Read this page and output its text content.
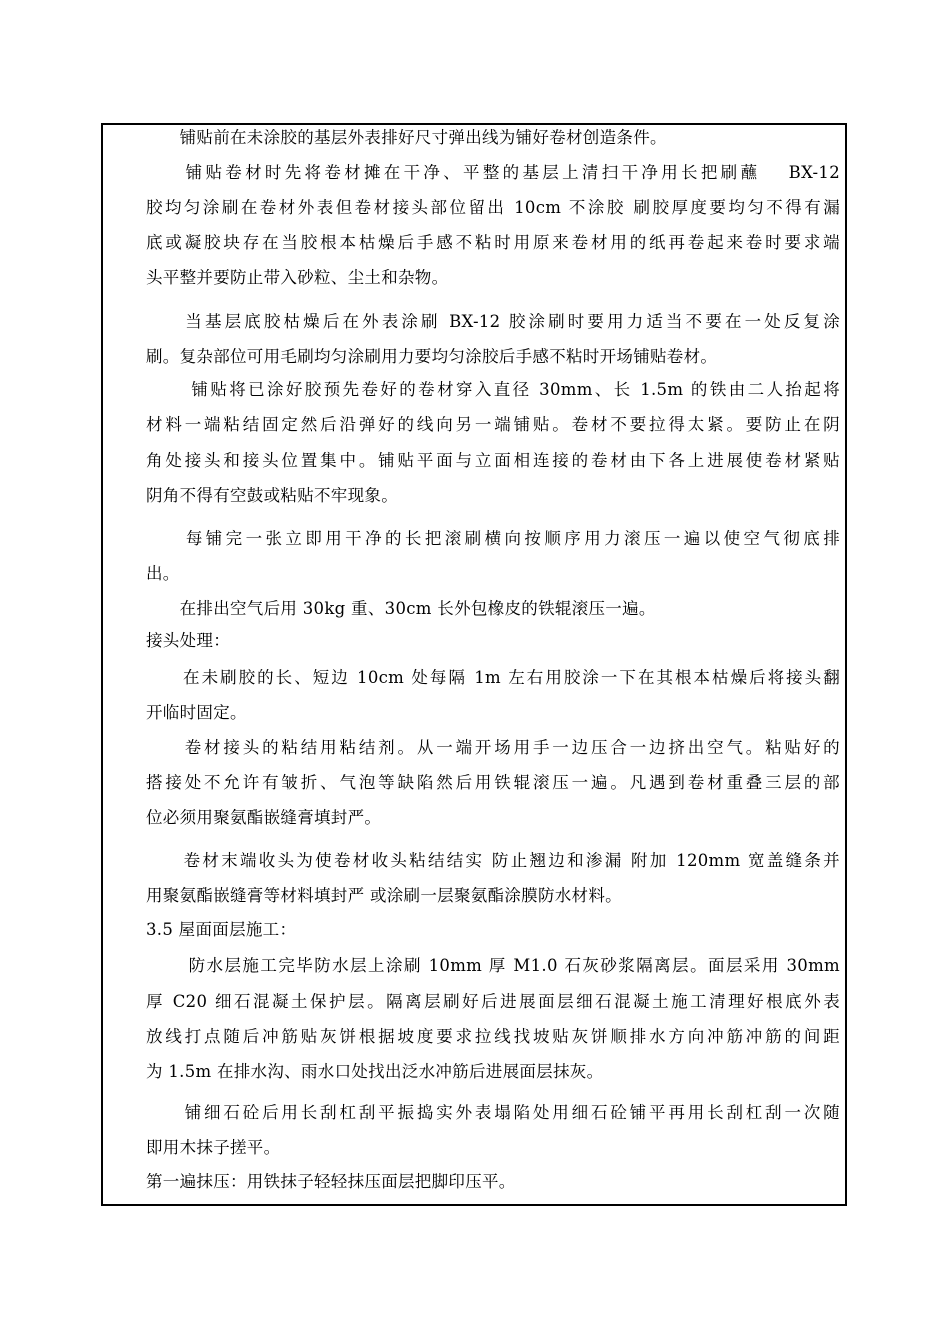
　　铺贴前在未涂胶的基层外表排好尺寸弹出线为铺好卷材创造条件。
　　铺贴卷材时先将卷材摊在干净、平整的基层上清扫干净用长把刷蘸　 BX-12
胶均匀涂刷在卷材外表但卷材接头部位留出 10cm 不涂胶 刷胶厚度要均匀不得有漏
底或凝胶块存在当胶根本枯燥后手感不粘时用原来卷材用的纸再卷起来卷时要求端
头平整并要防止带入砂粒、尘土和杂物。
　　当基层底胶枯燥后在外表涂刷 BX-12 胶涂刷时要用力适当不要在一处反复涂
刷。复杂部位可用毛刷均匀涂刷用力要均匀涂胶后手感不粘时开场铺贴卷材。
　　 铺贴将已涂好胶预先卷好的卷材穿入直径 30mm、长 1.5m 的铁由二人抬起将
材料一端粘结固定然后沿弹好的线向另一端铺贴。卷材不要拉得太紧。要防止在阴
角处接头和接头位置集中。铺贴平面与立面相连接的卷材由下各上进展使卷材紧贴
阴角不得有空鼓或粘贴不牢现象。
　　每铺完一张立即用干净的长把滚刷横向按顺序用力滚压一遍以使空气彻底排
出。
　　在排出空气后用 30kg 重、30cm 长外包橡皮的铁辊滚压一遍。
接头处理：
　　在未刷胶的长、短边 10cm 处每隔 1m 左右用胶涂一下在其根本枯燥后将接头翻
开临时固定。
　　卷材接头的粘结用粘结剂。从一端开场用手一边压合一边挤出空气。粘贴好的
搭接处不允许有皱折、气泡等缺陷然后用铁辊滚压一遍。凡遇到卷材重叠三层的部
位必须用聚氨酯嵌缝膏填封严。
　　卷材末端收头为使卷材收头粘结结实 防止翘边和渗漏 附加 120mm 宽盖缝条并
用聚氨酯嵌缝膏等材料填封严 或涂刷一层聚氨酯涂膜防水材料。
3.5 屋面面层施工：
　　 防水层施工完毕防水层上涂刷 10mm 厚 M1.0 石灰砂浆隔离层。面层采用 30mm
厚 C20 细石混凝土保护层。隔离层刷好后进展面层细石混凝土施工清理好根底外表
放线打点随后冲筋贴灰饼根据坡度要求拉线找坡贴灰饼顺排水方向冲筋冲筋的间距
为 1.5m 在排水沟、雨水口处找出泛水冲筋后进展面层抹灰。
　　铺细石砼后用长刮杠刮平振捣实外表塌陷处用细石砼铺平再用长刮杠刮一次随
即用木抹子搓平。
第一遍抹压：用铁抹子轻轻抹压面层把脚印压平。
